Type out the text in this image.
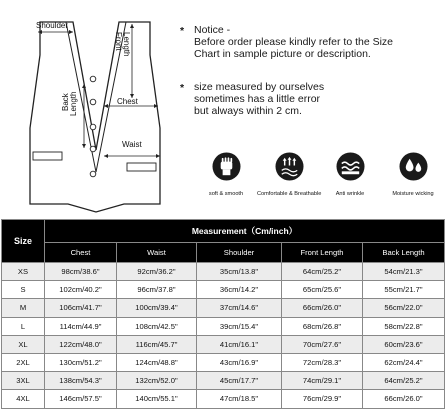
Shoulder
Front Length
Chest
Back Length
Waist
* Notice -
Before order please kindly refer to the Size
Chart in sample picture or description.
* size measured by ourselves
sometimes has a little error
but always within 2 cm.
soft & smooth	Comfortable & Breathable	Anti wrinkle	Moisture wicking
Size	Measurement（Cm/inch）				
	Chest	Waist	Shoulder	Front Length	Back Length
XS	98cm/38.6"	92cm/36.2"	35cm/13.8"	64cm/25.2"	54cm/21.3"
S	102cm/40.2"	96cm/37.8"	36cm/14.2"	65cm/25.6"	55cm/21.7"
M	106cm/41.7"	100cm/39.4"	37cm/14.6"	66cm/26.0"	56cm/22.0"
L	114cm/44.9"	108cm/42.5"	39cm/15.4"	68cm/26.8"	58cm/22.8"
XL	122cm/48.0"	116cm/45.7"	41cm/16.1"	70cm/27.6"	60cm/23.6"
2XL	130cm/51.2"	124cm/48.8"	43cm/16.9"	72cm/28.3"	62cm/24.4"
3XL	138cm/54.3"	132cm/52.0"	45cm/17.7"	74cm/29.1"	64cm/25.2"
4XL	146cm/57.5"	140cm/55.1"	47cm/18.5"	76cm/29.9"	66cm/26.0"
